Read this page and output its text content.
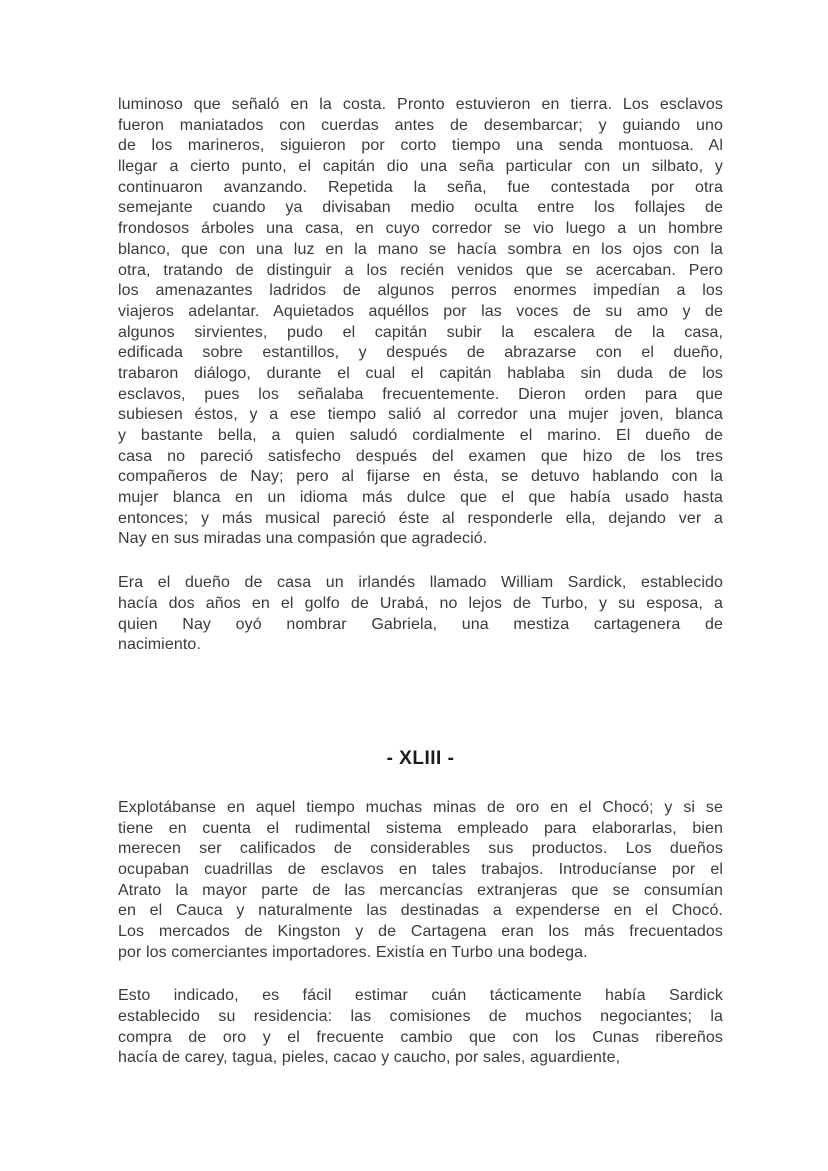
luminoso que señaló en la costa. Pronto estuvieron en tierra. Los esclavos
fueron maniatados con cuerdas antes de desembarcar; y guiando uno
de los marineros, siguieron por corto tiempo una senda montuosa. Al
llegar a cierto punto, el capitán dio una seña particular con un silbato, y
continuaron avanzando. Repetida la seña, fue contestada por otra
semejante cuando ya divisaban medio oculta entre los follajes de
frondosos árboles una casa, en cuyo corredor se vio luego a un hombre
blanco, que con una luz en la mano se hacía sombra en los ojos con la
otra, tratando de distinguir a los recién venidos que se acercaban. Pero
los amenazantes ladridos de algunos perros enormes impedían a los
viajeros adelantar. Aquietados aquéllos por las voces de su amo y de
algunos sirvientes, pudo el capitán subir la escalera de la casa,
edificada sobre estantillos, y después de abrazarse con el dueño,
trabaron diálogo, durante el cual el capitán hablaba sin duda de los
esclavos, pues los señalaba frecuentemente. Dieron orden para que
subiesen éstos, y a ese tiempo salió al corredor una mujer joven, blanca
y bastante bella, a quien saludó cordialmente el marino. El dueño de
casa no pareció satisfecho después del examen que hizo de los tres
compañeros de Nay; pero al fijarse en ésta, se detuvo hablando con la
mujer blanca en un idioma más dulce que el que había usado hasta
entonces; y más musical pareció éste al responderle ella, dejando ver a
Nay en sus miradas una compasión que agradeció.
Era el dueño de casa un irlandés llamado William Sardick, establecido
hacía dos años en el golfo de Urabá, no lejos de Turbo, y su esposa, a
quien Nay oyó nombrar Gabriela, una mestiza cartagenera de
nacimiento.
- XLIII -
Explotábanse en aquel tiempo muchas minas de oro en el Chocó; y si se
tiene en cuenta el rudimental sistema empleado para elaborarlas, bien
merecen ser calificados de considerables sus productos. Los dueños
ocupaban cuadrillas de esclavos en tales trabajos. Introducíanse por el
Atrato la mayor parte de las mercancías extranjeras que se consumían
en el Cauca y naturalmente las destinadas a expenderse en el Chocó.
Los mercados de Kingston y de Cartagena eran los más frecuentados
por los comerciantes importadores. Existía en Turbo una bodega.
Esto indicado, es fácil estimar cuán tácticamente había Sardick
establecido su residencia: las comisiones de muchos negociantes; la
compra de oro y el frecuente cambio que con los Cunas ribereños
hacía de carey, tagua, pieles, cacao y caucho, por sales, aguardiente,
